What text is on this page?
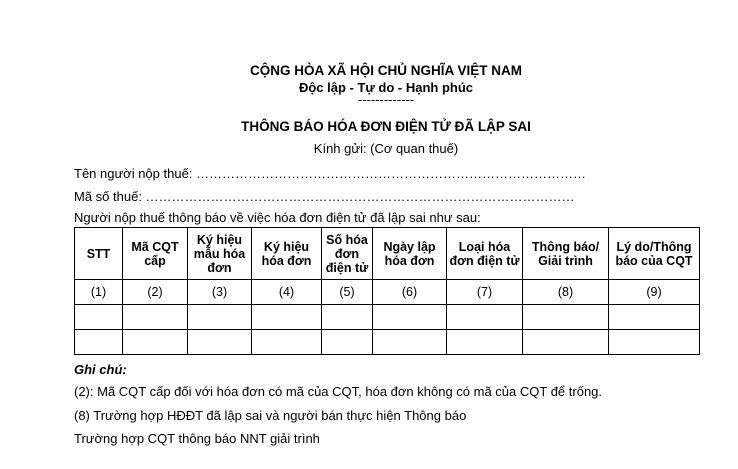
CỘNG HÒA XÃ HỘI CHỦ NGHĨA VIỆT NAM
Độc lập - Tự do - Hạnh phúc
-------------
THÔNG BÁO HÓA ĐƠN ĐIỆN TỬ ĐÃ LẬP SAI
Kính gửi: (Cơ quan thuế)
Tên người nộp thuế: ………………………………………………………………………………
Mã số thuế: ………………………………………………………………………………………
Người nộp thuế thông báo về việc hóa đơn điện tử đã lập sai như sau:
STT	Mã CQT cấp	Ký hiệu mẫu hóa đơn	Ký hiệu hóa đơn	Số hóa đơn điện tử	Ngày lập hóa đơn	Loại hóa đơn điện tử	Thông báo/ Giải trình	Lý do/Thông báo của CQT
(1)	(2)	(3)	(4)	(5)	(6)	(7)	(8)	(9)

Ghi chú:
(2): Mã CQT cấp đối với hóa đơn có mã của CQT, hóa đơn không có mã của CQT để trống.
(8) Trường hợp HĐĐT đã lập sai và người bán thực hiện Thông báo
Trường hợp CQT thông báo NNT giải trình
